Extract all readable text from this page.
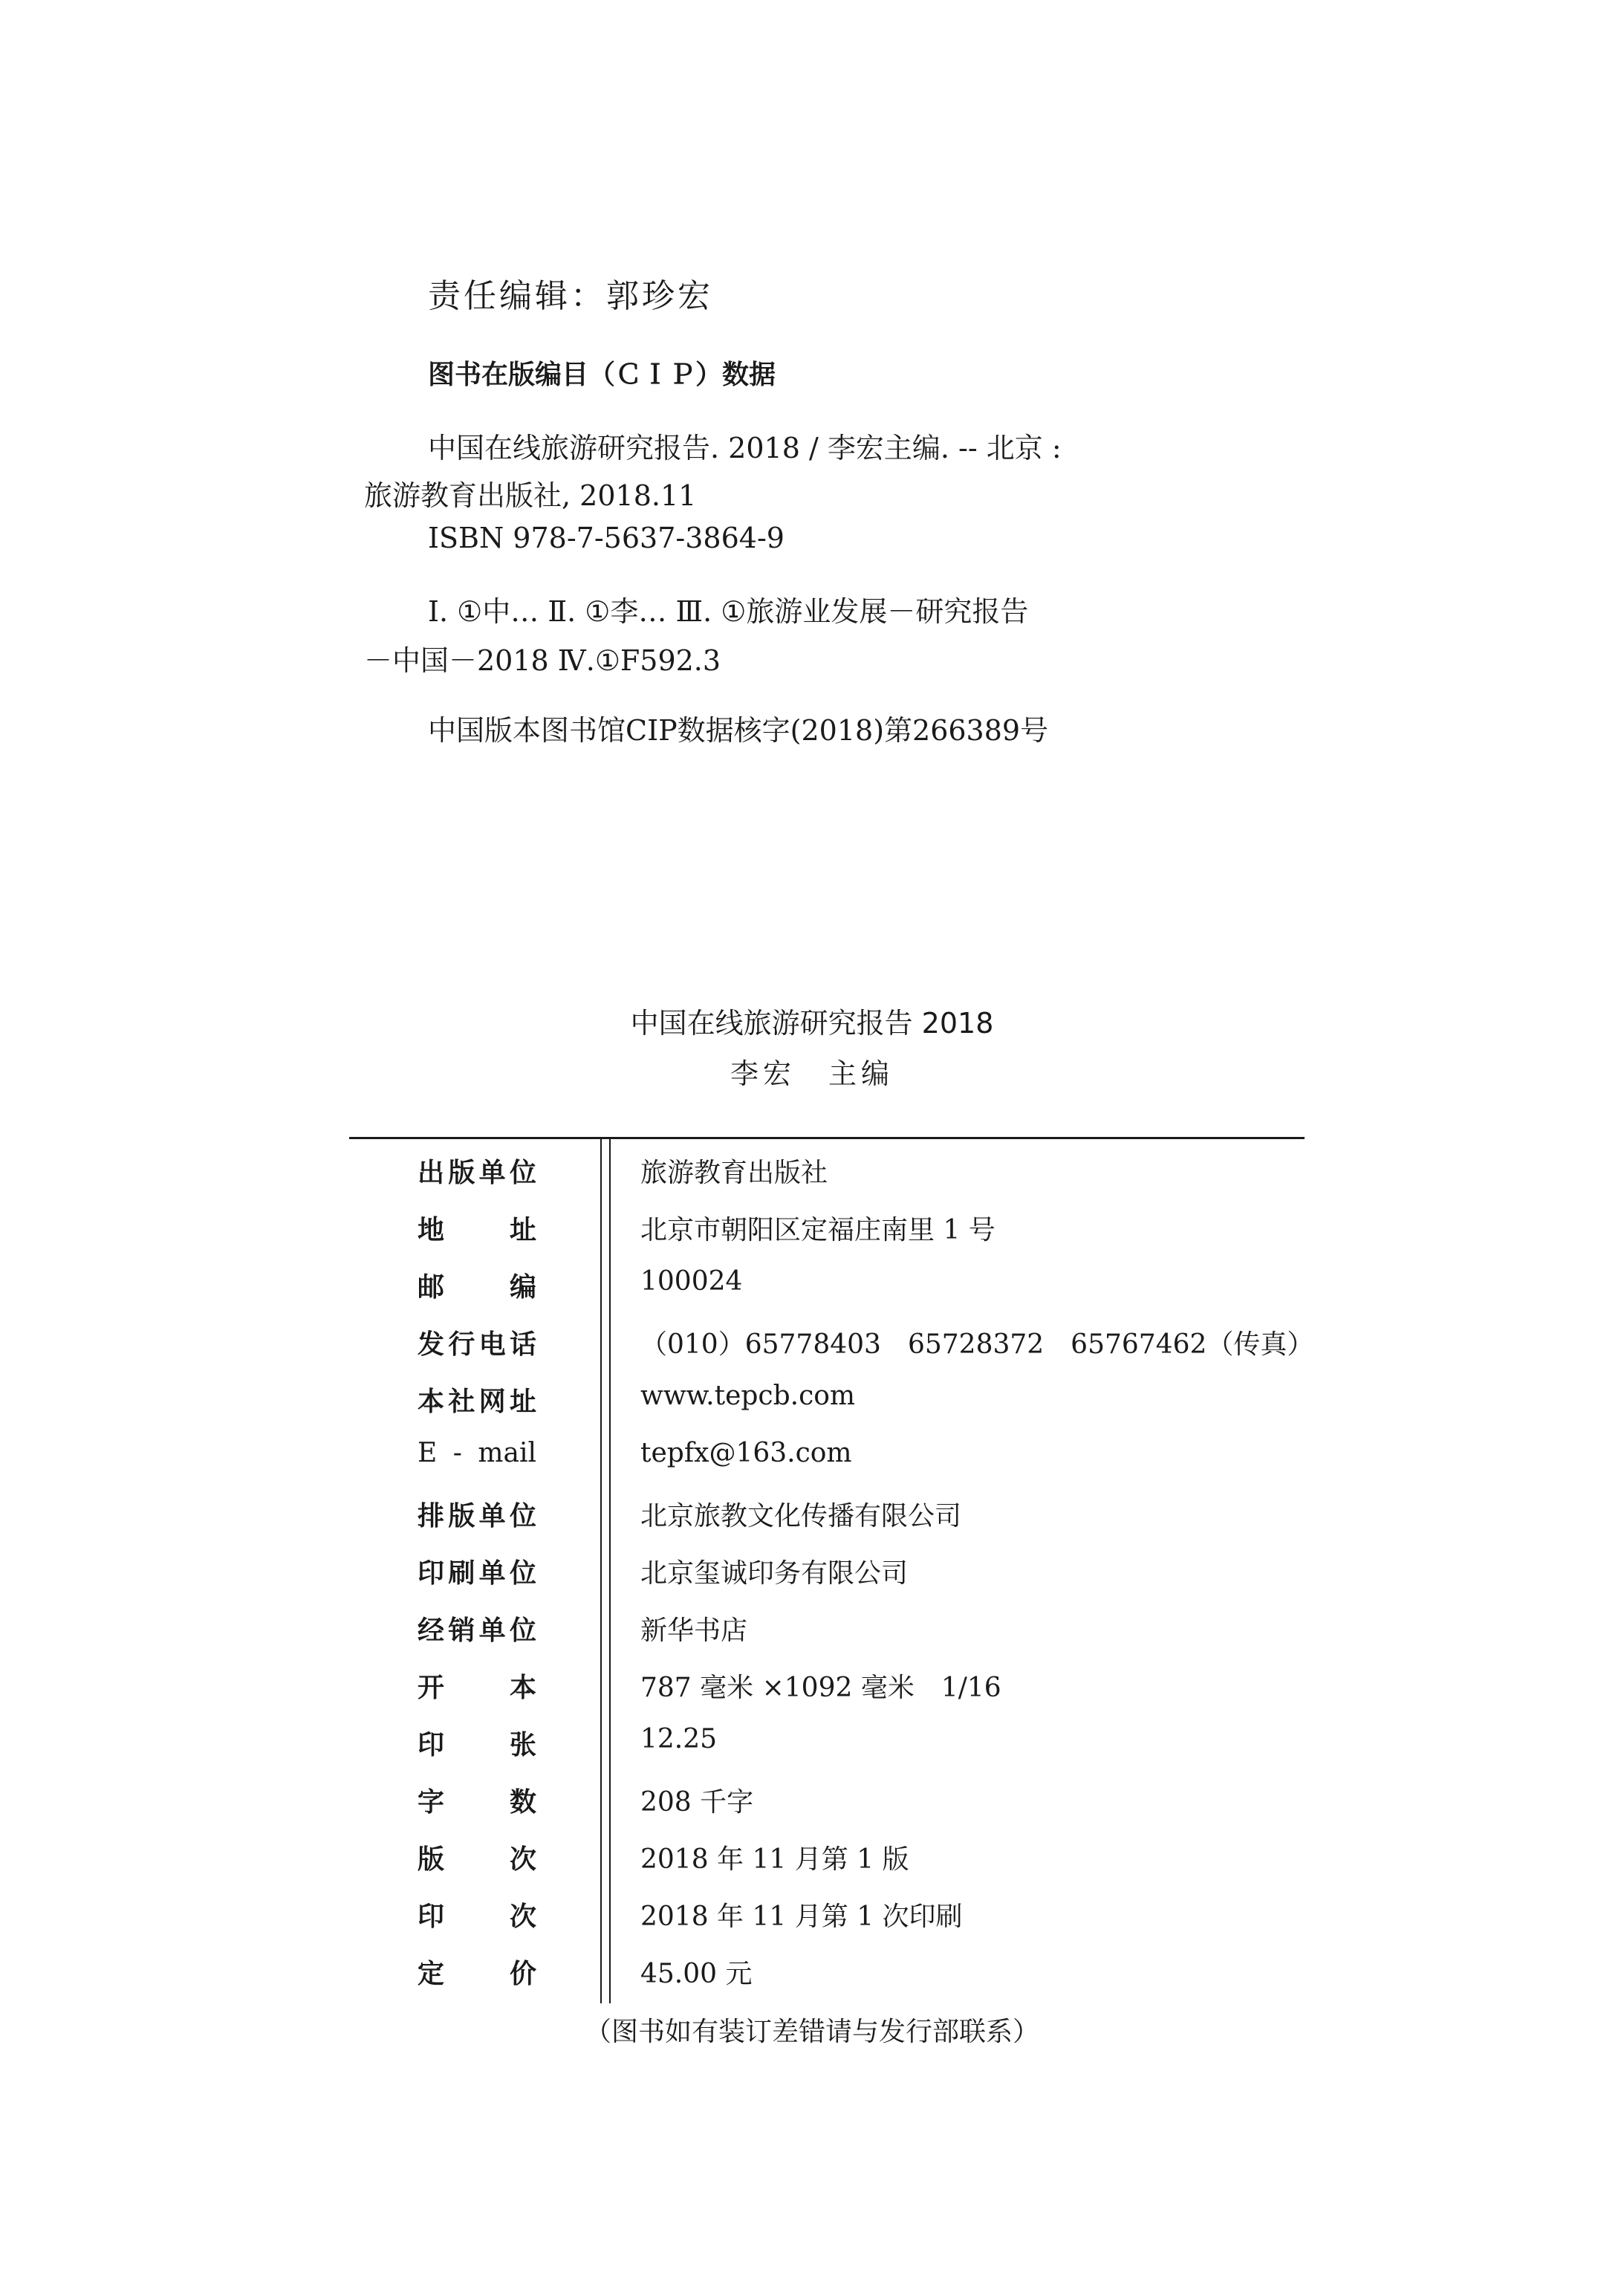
责任编辑：郭珍宏
图书在版编目（ＣＩＰ）数据
中国在线旅游研究报告. 2018 / 李宏主编. -- 北京 :
旅游教育出版社, 2018.11
ISBN 978-7-5637-3864-9
Ⅰ. ①中… Ⅱ. ①李… Ⅲ. ①旅游业发展－研究报告
－中国－2018 Ⅳ.①F592.3
中国版本图书馆CIP数据核字(2018)第266389号
中国在线旅游研究报告 2018
李宏　主编
出版单位	旅游教育出版社
地址	北京市朝阳区定福庄南里 1 号
邮编	100024
发行电话	（010）65778403　65728372　65767462（传真）
本社网址	www.tepcb.com
E - mail	tepfx@163.com
排版单位	北京旅教文化传播有限公司
印刷单位	北京玺诚印务有限公司
经销单位	新华书店
开本	787 毫米 ×1092 毫米　1/16
印张	12.25
字数	208 千字
版次	2018 年 11 月第 1 版
印次	2018 年 11 月第 1 次印刷
定价	45.00 元
（图书如有装订差错请与发行部联系）
